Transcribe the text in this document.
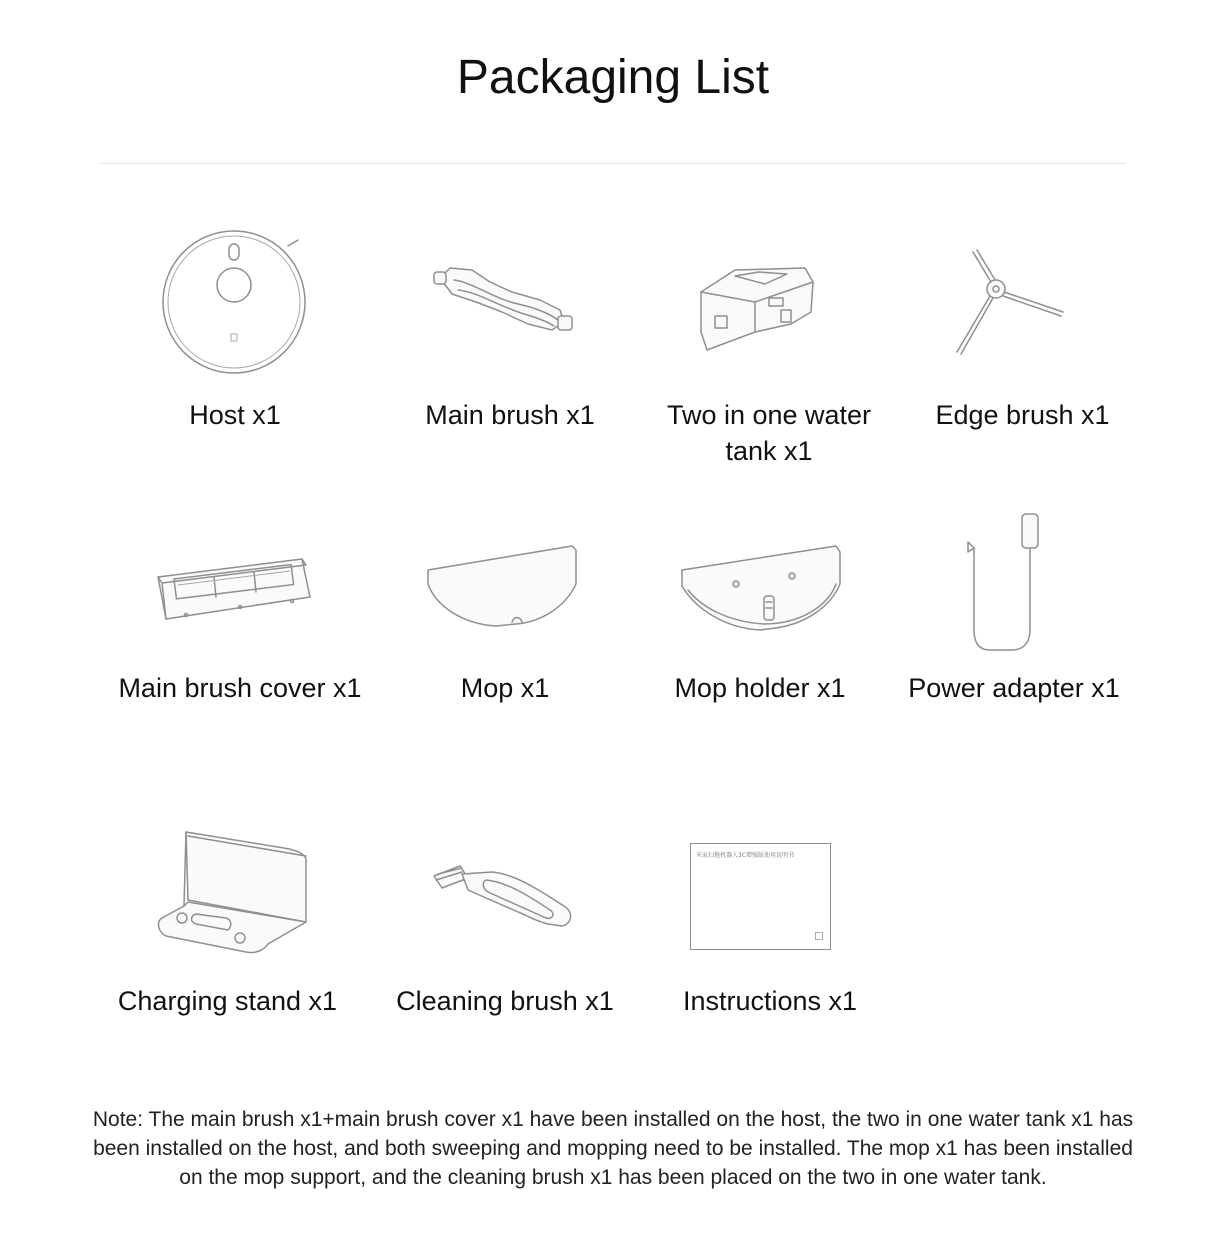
Packaging List
Host x1	Main brush x1	Two in one water tank x1
Edge brush x1
Main brush cover x1	Mop x1	Mop holder x1	Power adapter x1
Charging stand x1	Cleaning brush x1
米家扫拖机器人3C增强版使用说明书
Instructions x1

Note: The main brush x1+main brush cover x1 have been installed on the host, the two in one water tank x1 has been installed on the host, and both sweeping and mopping need to be installed. The mop x1 has been installed on the mop support, and the cleaning brush x1 has been placed on the two in one water tank.
